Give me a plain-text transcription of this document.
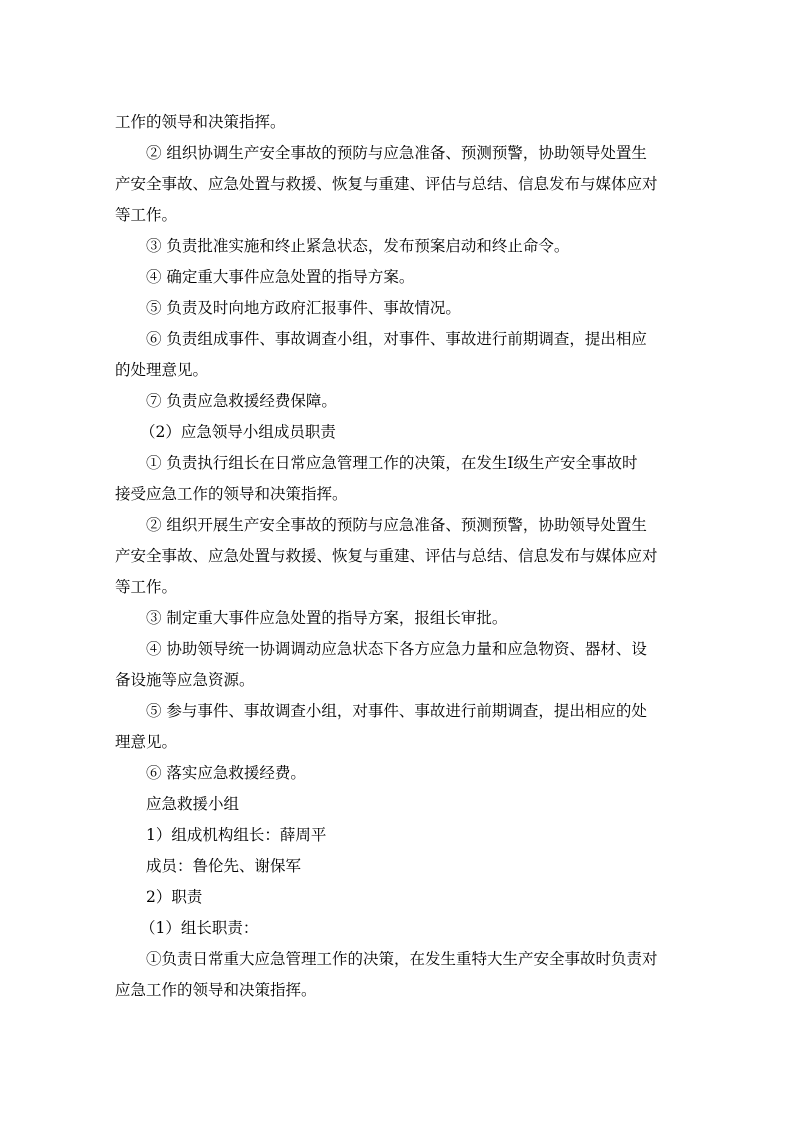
工作的领导和决策指挥。
② 组织协调生产安全事故的预防与应急准备、预测预警，协助领导处置生
产安全事故、应急处置与救援、恢复与重建、评估与总结、信息发布与媒体应对
等工作。
③ 负责批准实施和终止紧急状态，发布预案启动和终止命令。
④ 确定重大事件应急处置的指导方案。
⑤ 负责及时向地方政府汇报事件、事故情况。
⑥ 负责组成事件、事故调查小组，对事件、事故进行前期调查，提出相应
的处理意见。
⑦ 负责应急救援经费保障。
（2）应急领导小组成员职责
① 负责执行组长在日常应急管理工作的决策，在发生Ⅰ级生产安全事故时
接受应急工作的领导和决策指挥。
② 组织开展生产安全事故的预防与应急准备、预测预警，协助领导处置生
产安全事故、应急处置与救援、恢复与重建、评估与总结、信息发布与媒体应对
等工作。
③ 制定重大事件应急处置的指导方案，报组长审批。
④ 协助领导统一协调调动应急状态下各方应急力量和应急物资、器材、设
备设施等应急资源。
⑤ 参与事件、事故调查小组，对事件、事故进行前期调查，提出相应的处
理意见。
⑥ 落实应急救援经费。
应急救援小组
1）组成机构组长：薛周平
成员：鲁伦先、谢保军
2）职责
（1）组长职责：
①负责日常重大应急管理工作的决策，在发生重特大生产安全事故时负责对
应急工作的领导和决策指挥。
